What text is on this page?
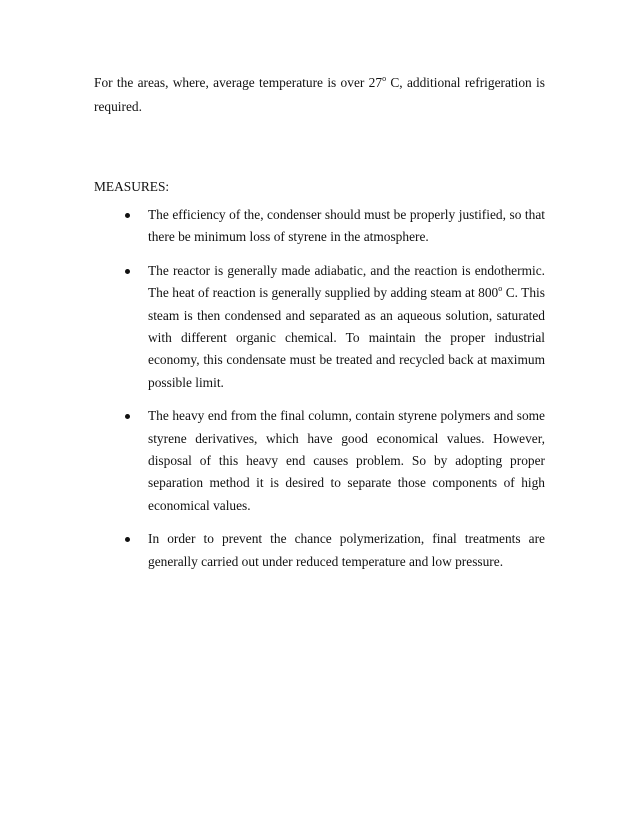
For the areas, where, average temperature is over 27$^o$ C, additional refrigeration is required.

MEASURES:

The efficiency of the, condenser should must be properly justified, so that there be minimum loss of styrene in the atmosphere.
The reactor is generally made adiabatic, and the reaction is endothermic. The heat of reaction is generally supplied by adding steam at 800$^o$ C. This steam is then condensed and separated as an aqueous solution, saturated with different organic chemical. To maintain the proper industrial economy, this condensate must be treated and recycled back at maximum possible limit.
The heavy end from the final column, contain styrene polymers and some styrene derivatives, which have good economical values. However, disposal of this heavy end causes problem. So by adopting proper separation method it is desired to separate those components of high economical values.
In order to prevent the chance polymerization, final treatments are generally carried out under reduced temperature and low pressure.
